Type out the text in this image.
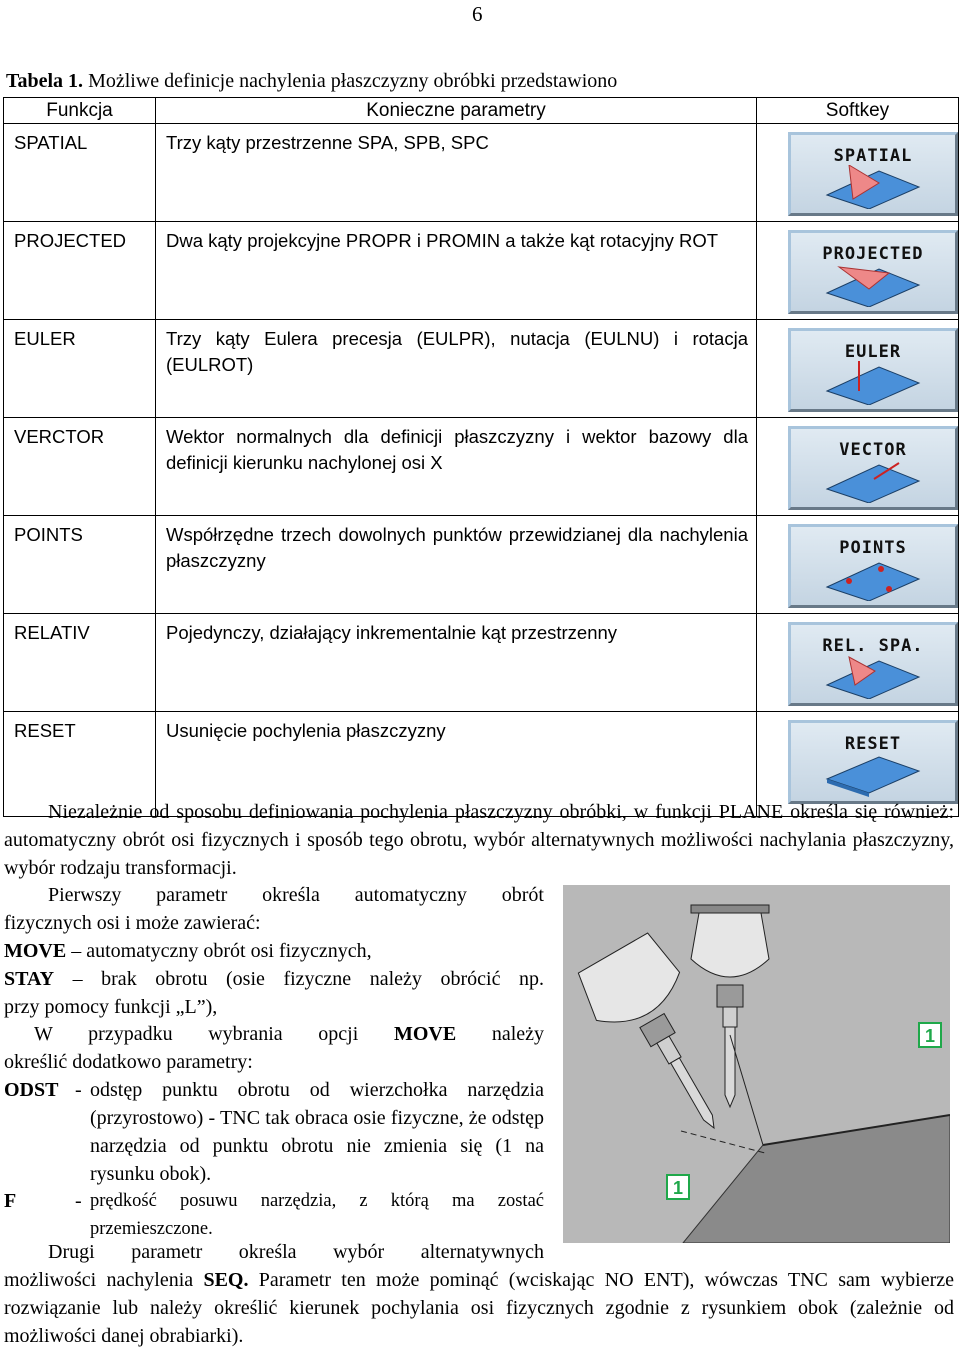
6
Tabela 1. Możliwe definicje nachylenia płaszczyzny obróbki przedstawiono
Funkcja	Konieczne parametry	Softkey
SPATIAL	Trzy kąty przestrzenne SPA, SPB, SPC	SPATIAL

PROJECTED	Dwa kąty projekcyjne PROPR i PROMIN a także kąt rotacyjny ROT	PROJECTED

EULER	Trzy kąty Eulera precesja (EULPR), nutacja (EULNU) i rotacja (EULROT)	EULER

VERCTOR	Wektor normalnych dla definicji płaszczyzny i wektor bazowy dla definicji kierunku nachylonej osi X	VECTOR

POINTS	Współrzędne trzech dowolnych punktów przewidzianej dla nachylenia płaszczyzny	POINTS

RELATIV	Pojedynczy, działający inkrementalnie kąt przestrzenny	REL. SPA.

RESET	Usunięcie pochylenia płaszczyzny	RESET
Niezależnie od sposobu definiowania pochylenia płaszczyzny obróbki, w funkcji PLANE określa się również: automatyczny obrót osi fizycznych i sposób tego obrotu, wybór alternatywnych możliwości nachylania płaszczyzny, wybór rodzaju transformacji.
Pierwszy parametr określa automatyczny obrót
fizycznych osi i może zawierać:
MOVE – automatyczny obrót osi fizycznych,
STAY – brak obrotu (osie fizyczne należy obrócić np.
przy pomocy funkcji „L”),
W przypadku wybrania opcji MOVE należy
określić dodatkowo parametry:
ODST - odstęp punktu obrotu od wierzchołka narzędzia (przyrostowo) - TNC tak obraca osie fizyczne, że odstęp narzędzia od punktu obrotu nie zmienia się (1 na rysunku obok).
F	- prędkość posuwu narzędzia, z którą ma zostać przemieszczone.
Drugi parametr określa wybór alternatywnych
możliwości nachylenia SEQ. Parametr ten może pominąć (wciskając NO ENT), wówczas TNC sam wybierze rozwiązanie lub należy określić kierunek pochylania osi fizycznych zgodnie z rysunkiem obok (zależnie od możliwości danej obrabiarki).
1
1
